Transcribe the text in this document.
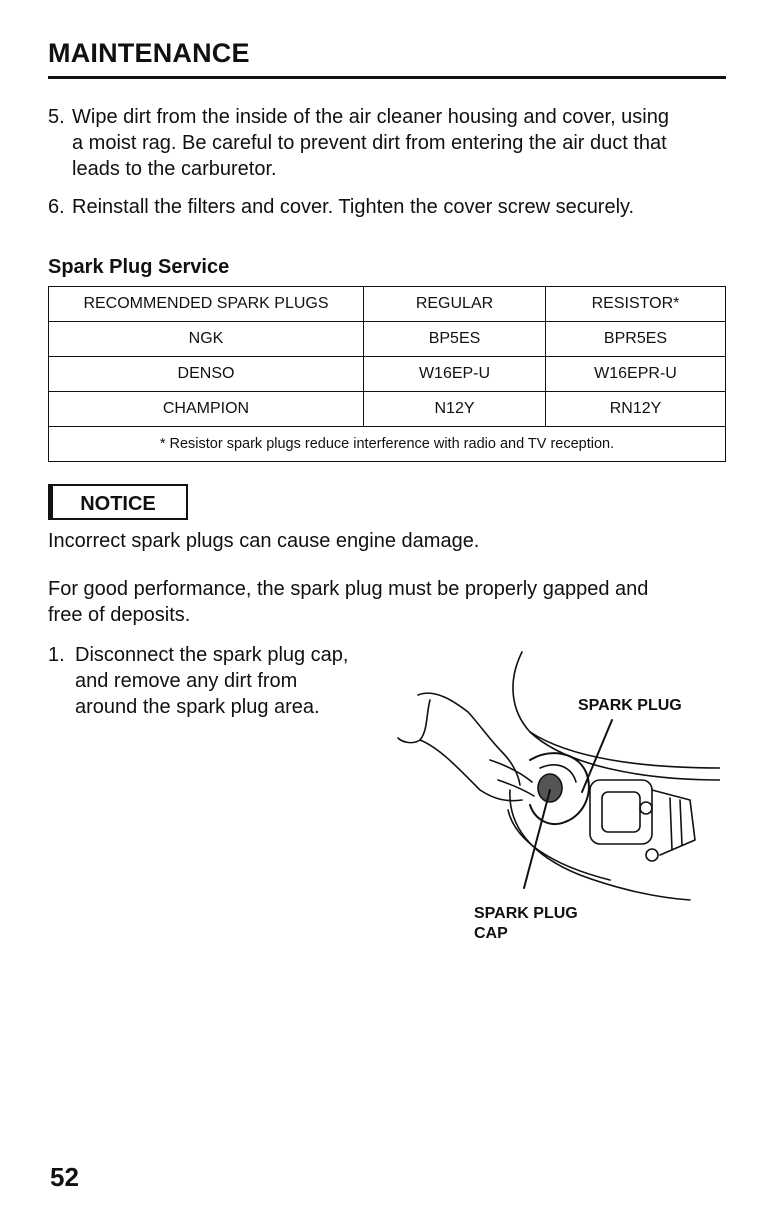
MAINTENANCE
5. Wipe dirt from the inside of the air cleaner housing and cover, using
a moist rag. Be careful to prevent dirt from entering the air duct that
leads to the carburetor.
6. Reinstall the filters and cover. Tighten the cover screw securely.
Spark Plug Service
RECOMMENDED SPARK PLUGS	REGULAR	RESISTOR*
NGK	BP5ES	BPR5ES
DENSO	W16EP-U	W16EPR-U
CHAMPION	N12Y	RN12Y
* Resistor spark plugs reduce interference with radio and TV reception.		
NOTICE
Incorrect spark plugs can cause engine damage.
For good performance, the spark plug must be properly gapped and
free of deposits.
1. Disconnect the spark plug cap,
and remove any dirt from
around the spark plug area.	SPARK PLUG
SPARK PLUG
CAP
52
